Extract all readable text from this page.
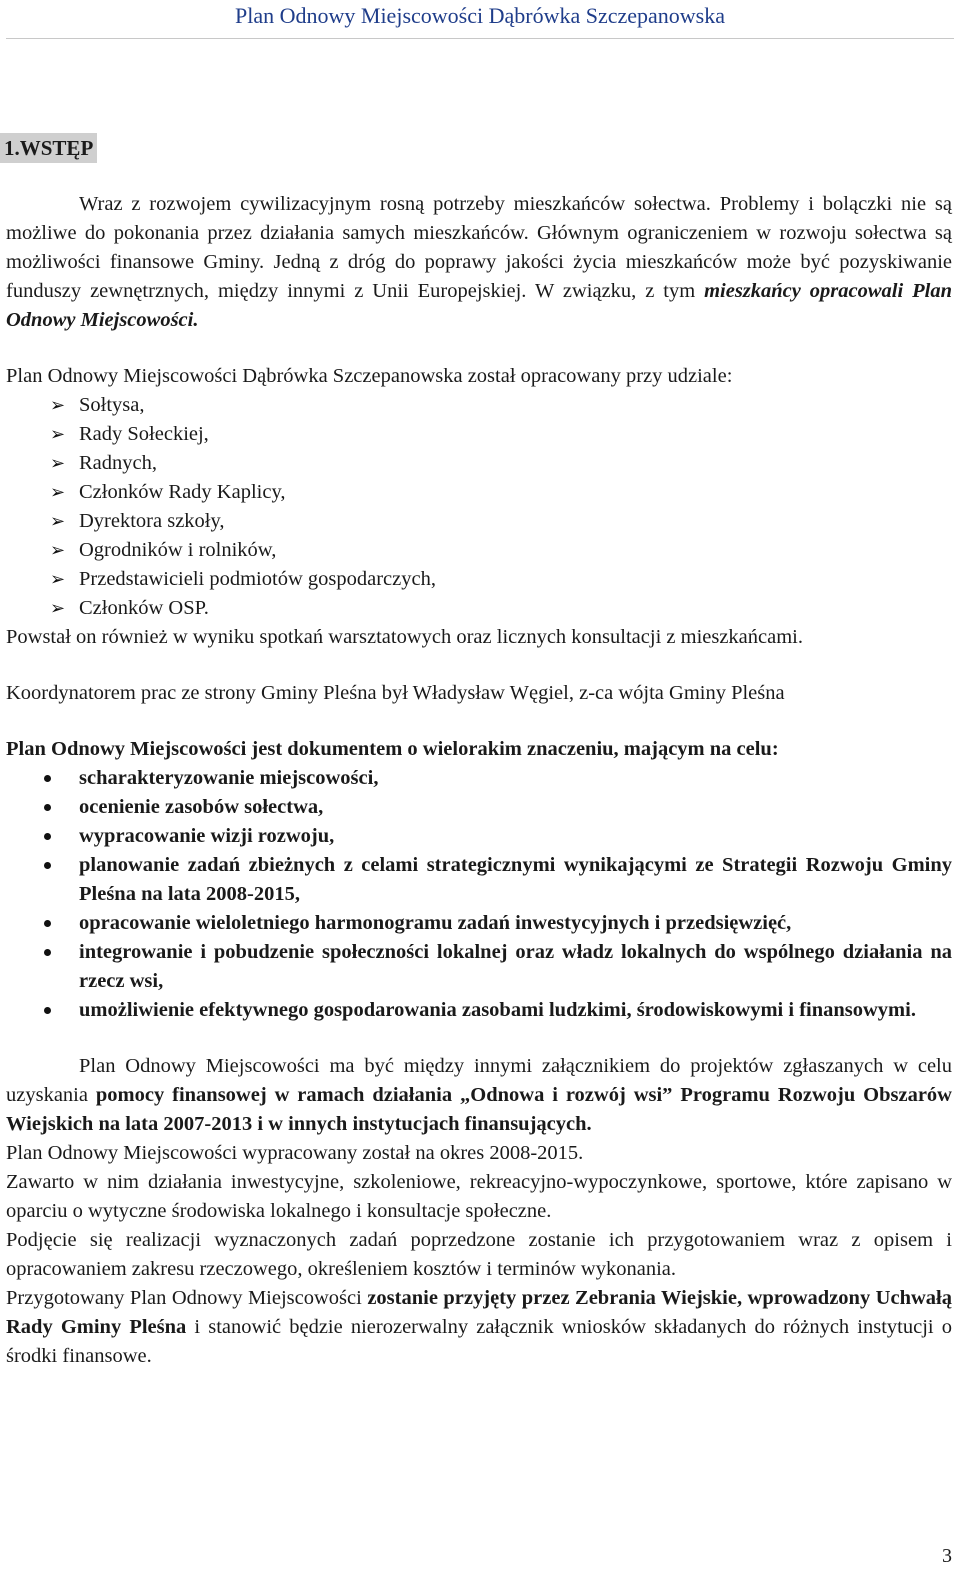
Plan Odnowy Miejscowości Dąbrówka Szczepanowska
1.WSTĘP

Wraz z rozwojem cywilizacyjnym rosną potrzeby mieszkańców sołectwa. Problemy i bolączki nie są możliwe do pokonania przez działania samych mieszkańców. Głównym ograniczeniem w rozwoju sołectwa są możliwości finansowe Gminy. Jedną z dróg do poprawy jakości życia mieszkańców może być pozyskiwanie funduszy zewnętrznych, między innymi z Unii Europejskiej. W związku, z tym mieszkańcy opracowali Plan Odnowy Miejscowości.

Plan Odnowy Miejscowości Dąbrówka Szczepanowska został opracowany przy udziale:

➢ Sołtysa,
➢ Rady Sołeckiej,
➢ Radnych,
➢ Członków Rady Kaplicy,
➢ Dyrektora szkoły,
➢ Ogrodników i rolników,
➢ Przedstawicieli podmiotów gospodarczych,
➢ Członków OSP.

Powstał on również w wyniku spotkań warsztatowych oraz licznych konsultacji z mieszkańcami.

Koordynatorem prac ze strony Gminy Pleśna był Władysław Węgiel, z-ca wójta Gminy Pleśna

Plan Odnowy Miejscowości jest dokumentem o wielorakim znaczeniu, mającym na celu:

scharakteryzowanie miejscowości,
ocenienie zasobów sołectwa,
wypracowanie wizji rozwoju,
planowanie zadań zbieżnych z celami strategicznymi wynikającymi ze Strategii Rozwoju Gminy Pleśna na lata 2008-2015,
opracowanie wieloletniego harmonogramu zadań inwestycyjnych i przedsięwzięć,
integrowanie i pobudzenie społeczności lokalnej oraz władz lokalnych do wspólnego działania na rzecz wsi,
umożliwienie efektywnego gospodarowania zasobami ludzkimi, środowiskowymi i finansowymi.

Plan Odnowy Miejscowości ma być między innymi załącznikiem do projektów zgłaszanych w celu uzyskania pomocy finansowej w ramach działania „Odnowa i rozwój wsi” Programu Rozwoju Obszarów Wiejskich na lata 2007-2013 i w innych instytucjach finansujących.

Plan Odnowy Miejscowości wypracowany został na okres 2008-2015.

Zawarto w nim działania inwestycyjne, szkoleniowe, rekreacyjno-wypoczynkowe, sportowe, które zapisano w oparciu o wytyczne środowiska lokalnego i konsultacje społeczne.

Podjęcie się realizacji wyznaczonych zadań poprzedzone zostanie ich przygotowaniem wraz z opisem i opracowaniem zakresu rzeczowego, określeniem kosztów i terminów wykonania.

Przygotowany Plan Odnowy Miejscowości zostanie przyjęty przez Zebrania Wiejskie, wprowadzony Uchwałą Rady Gminy Pleśna i stanowić będzie nierozerwalny załącznik wniosków składanych do różnych instytucji o środki finansowe.

3
